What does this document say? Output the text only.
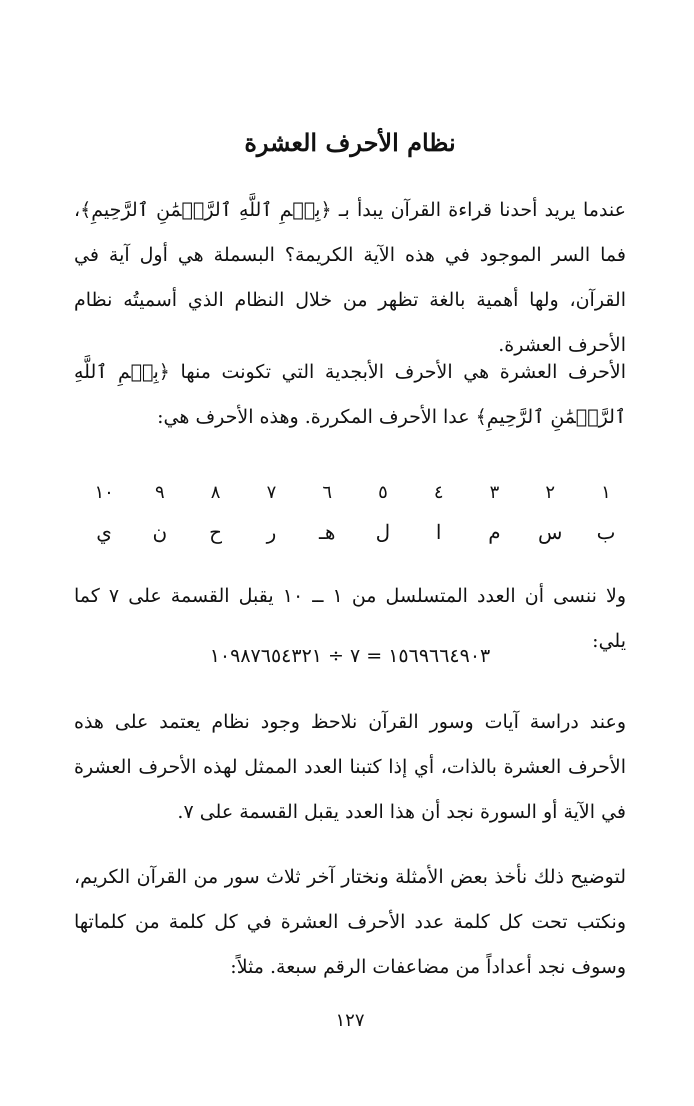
نظام الأحرف العشرة

عندما يريد أحدنا قراءة القرآن يبدأ بـ ﴿بِسۡمِ ٱللَّهِ ٱلرَّحۡمَٰنِ ٱلرَّحِيمِ﴾، فما السر الموجود في هذه الآية الكريمة؟ البسملة هي أول آية في القرآن، ولها أهمية بالغة تظهر من خلال النظام الذي أسميتُه نظام الأحرف العشرة.

الأحرف العشرة هي الأحرف الأبجدية التي تكونت منها ﴿بِسۡمِ ٱللَّهِ ٱلرَّحۡمَٰنِ ٱلرَّحِيمِ﴾ عدا الأحرف المكررة. وهذه الأحرف هي:

١
٢
٣
٤
٥
٦
٧
٨
٩
١٠
ب
س
م
ا
ل
هـ
ر
ح
ن
ي

ولا ننسى أن العدد المتسلسل من ١ ــ ١٠ يقبل القسمة على ٧ كما يلي:

١٥٦٩٦٦٤٩٠٣ = ٧ ÷ ١٠٩٨٧٦٥٤٣٢١

وعند دراسة آيات وسور القرآن نلاحظ وجود نظام يعتمد على هذه الأحرف العشرة بالذات، أي إذا كتبنا العدد الممثل لهذه الأحرف العشرة في الآية أو السورة نجد أن هذا العدد يقبل القسمة على ٧.

لتوضيح ذلك نأخذ بعض الأمثلة ونختار آخر ثلاث سور من القرآن الكريم، ونكتب تحت كل كلمة عدد الأحرف العشرة في كل كلمة من كلماتها وسوف نجد أعداداً من مضاعفات الرقم سبعة. مثلاً:

١٢٧
